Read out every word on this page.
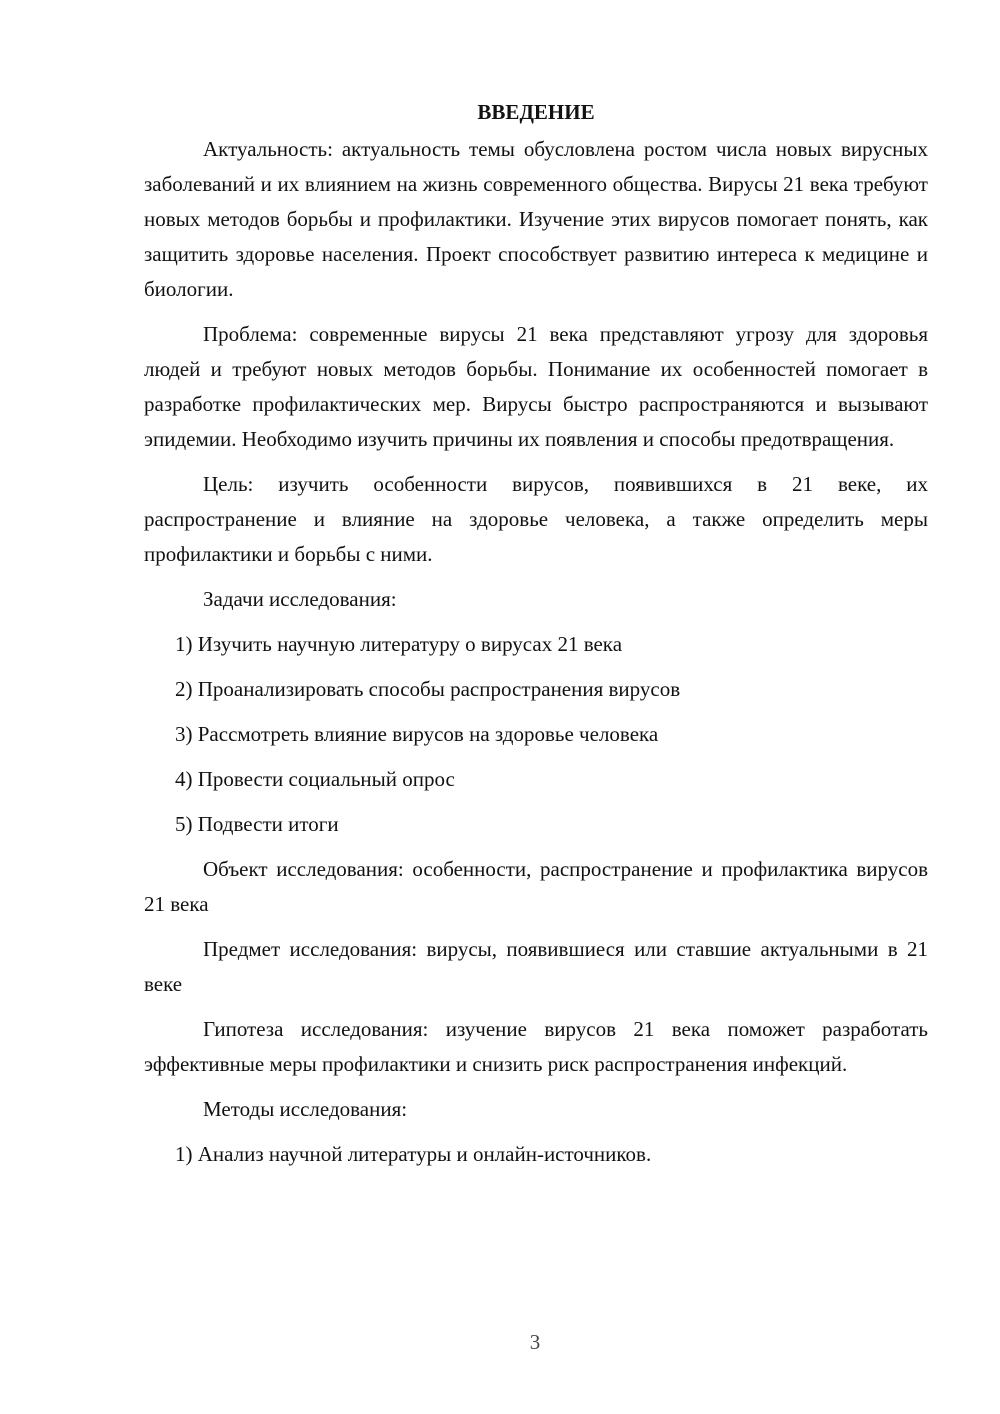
ВВЕДЕНИЕ

Актуальность: актуальность темы обусловлена ростом числа новых вирусных заболеваний и их влиянием на жизнь современного общества. Вирусы 21 века требуют новых методов борьбы и профилактики. Изучение этих вирусов помогает понять, как защитить здоровье населения. Проект способствует развитию интереса к медицине и биологии.

Проблема: современные вирусы 21 века представляют угрозу для здоровья людей и требуют новых методов борьбы. Понимание их особенностей помогает в разработке профилактических мер. Вирусы быстро распространяются и вызывают эпидемии. Необходимо изучить причины их появления и способы предотвращения.

Цель: изучить особенности вирусов, появившихся в 21 веке, их распространение и влияние на здоровье человека, а также определить меры профилактики и борьбы с ними.

Задачи исследования:
1) Изучить научную литературу о вирусах 21 века
2) Проанализировать способы распространения вирусов
3) Рассмотреть влияние вирусов на здоровье человека
4) Провести социальный опрос
5) Подвести итоги

Объект исследования: особенности, распространение и профилактика вирусов 21 века

Предмет исследования: вирусы, появившиеся или ставшие актуальными в 21 веке

Гипотеза исследования: изучение вирусов 21 века поможет разработать эффективные меры профилактики и снизить риск распространения инфекций.

Методы исследования:
1) Анализ научной литературы и онлайн-источников.
3
